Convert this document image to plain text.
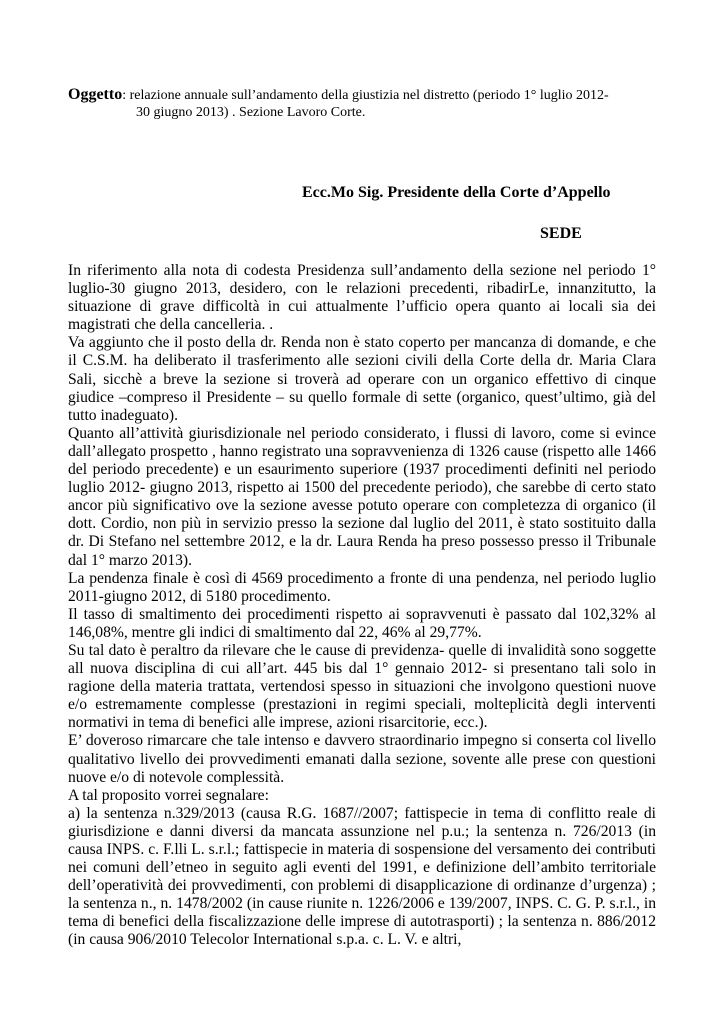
Oggetto: relazione annuale sull’andamento della giustizia nel distretto (periodo 1° luglio 2012-
30 giugno 2013) . Sezione Lavoro Corte.
Ecc.Mo Sig. Presidente della Corte d’Appello
SEDE

In riferimento alla nota di codesta Presidenza sull’andamento della sezione nel periodo 1° luglio-30 giugno 2013, desidero, con le relazioni precedenti, ribadirLe, innanzitutto, la situazione di grave difficoltà in cui attualmente l’ufficio opera quanto ai locali sia dei magistrati che della cancelleria. .

Va aggiunto che il posto della dr. Renda non è stato coperto per mancanza di domande, e che il C.S.M. ha deliberato il trasferimento alle sezioni civili della Corte della dr. Maria Clara Sali, sicchè a breve la sezione si troverà ad operare con un organico effettivo di cinque giudice –compreso il Presidente – su quello formale di sette (organico, quest’ultimo, già del tutto inadeguato).

Quanto all’attività giurisdizionale nel periodo considerato, i flussi di lavoro, come si evince dall’allegato prospetto , hanno registrato una sopravvenienza di 1326 cause (rispetto alle 1466 del periodo precedente) e un esaurimento superiore (1937 procedimenti definiti nel periodo luglio 2012- giugno 2013, rispetto ai 1500 del precedente periodo), che sarebbe di certo stato ancor più significativo ove la sezione avesse potuto operare con completezza di organico (il dott. Cordio, non più in servizio presso la sezione dal luglio del 2011, è stato sostituito dalla dr. Di Stefano nel settembre 2012, e la dr. Laura Renda ha preso possesso presso il Tribunale dal 1° marzo 2013).

La pendenza finale è così di 4569 procedimento a fronte di una pendenza, nel periodo luglio 2011-giugno 2012, di 5180 procedimento.

Il tasso di smaltimento dei procedimenti rispetto ai sopravvenuti è passato dal 102,32% al 146,08%, mentre gli indici di smaltimento dal 22, 46% al 29,77%.

Su tal dato è peraltro da rilevare che le cause di previdenza- quelle di invalidità sono soggette all nuova disciplina di cui all’art. 445 bis dal 1° gennaio 2012- si presentano tali solo in ragione della materia trattata, vertendosi spesso in situazioni che involgono questioni nuove e/o estremamente complesse (prestazioni in regimi speciali, molteplicità degli interventi normativi in tema di benefici alle imprese, azioni risarcitorie, ecc.).

E’ doveroso rimarcare che tale intenso e davvero straordinario impegno si conserta col livello qualitativo livello dei provvedimenti emanati dalla sezione, sovente alle prese con questioni nuove e/o di notevole complessità.

A tal proposito vorrei segnalare:

a) la sentenza n.329/2013 (causa R.G. 1687//2007; fattispecie in tema di conflitto reale di giurisdizione e danni diversi da mancata assunzione nel p.u.; la sentenza n. 726/2013 (in causa INPS. c. F.lli L. s.r.l.; fattispecie in materia di sospensione del versamento dei contributi nei comuni dell’etneo in seguito agli eventi del 1991, e definizione dell’ambito territoriale dell’operatività dei provvedimenti, con problemi di disapplicazione di ordinanze d’urgenza) ; la sentenza n., n. 1478/2002 (in cause riunite n. 1226/2006 e 139/2007, INPS. C. G. P. s.r.l., in tema di benefici della fiscalizzazione delle imprese di autotrasporti) ; la sentenza n. 886/2012 (in causa 906/2010 Telecolor International s.p.a. c. L. V. e altri,
